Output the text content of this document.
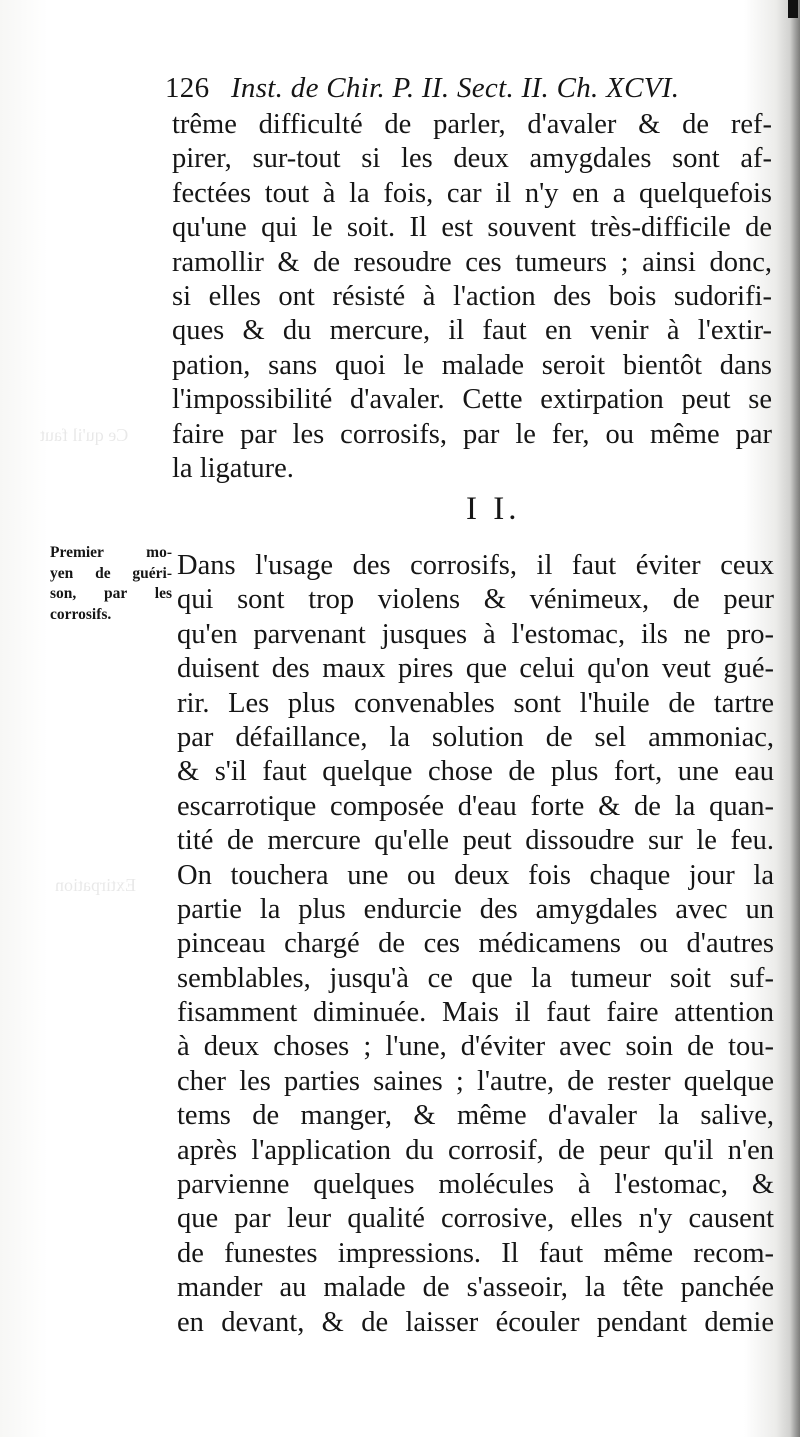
Ce qu'il faut
Extirpation
126 Inst. de Chir. P. II. Sect. II. Ch. XCVI.
trême difficulté de parler, d'avaler & de ref-
pirer, sur-tout si les deux amygdales sont af-
fectées tout à la fois, car il n'y en a quelquefois
qu'une qui le soit. Il est souvent très-difficile de
ramollir & de resoudre ces tumeurs ; ainsi donc,
si elles ont résisté à l'action des bois sudorifi-
ques & du mercure, il faut en venir à l'extir-
pation, sans quoi le malade seroit bientôt dans
l'impossibilité d'avaler. Cette extirpation peut se
faire par les corrosifs, par le fer, ou même par
la ligature.
I I.
Premier mo-
yen de guéri-
son, par les
corrosifs.
Dans l'usage des corrosifs, il faut éviter ceux
qui sont trop violens & vénimeux, de peur
qu'en parvenant jusques à l'estomac, ils ne pro-
duisent des maux pires que celui qu'on veut gué-
rir. Les plus convenables sont l'huile de tartre
par défaillance, la solution de sel ammoniac,
& s'il faut quelque chose de plus fort, une eau
escarrotique composée d'eau forte & de la quan-
tité de mercure qu'elle peut dissoudre sur le feu.
On touchera une ou deux fois chaque jour la
partie la plus endurcie des amygdales avec un
pinceau chargé de ces médicamens ou d'autres
semblables, jusqu'à ce que la tumeur soit suf-
fisamment diminuée. Mais il faut faire attention
à deux choses ; l'une, d'éviter avec soin de tou-
cher les parties saines ; l'autre, de rester quelque
tems de manger, & même d'avaler la salive,
après l'application du corrosif, de peur qu'il n'en
parvienne quelques molécules à l'estomac, &
que par leur qualité corrosive, elles n'y causent
de funestes impressions. Il faut même recom-
mander au malade de s'asseoir, la tête panchée
en devant, & de laisser écouler pendant demie
